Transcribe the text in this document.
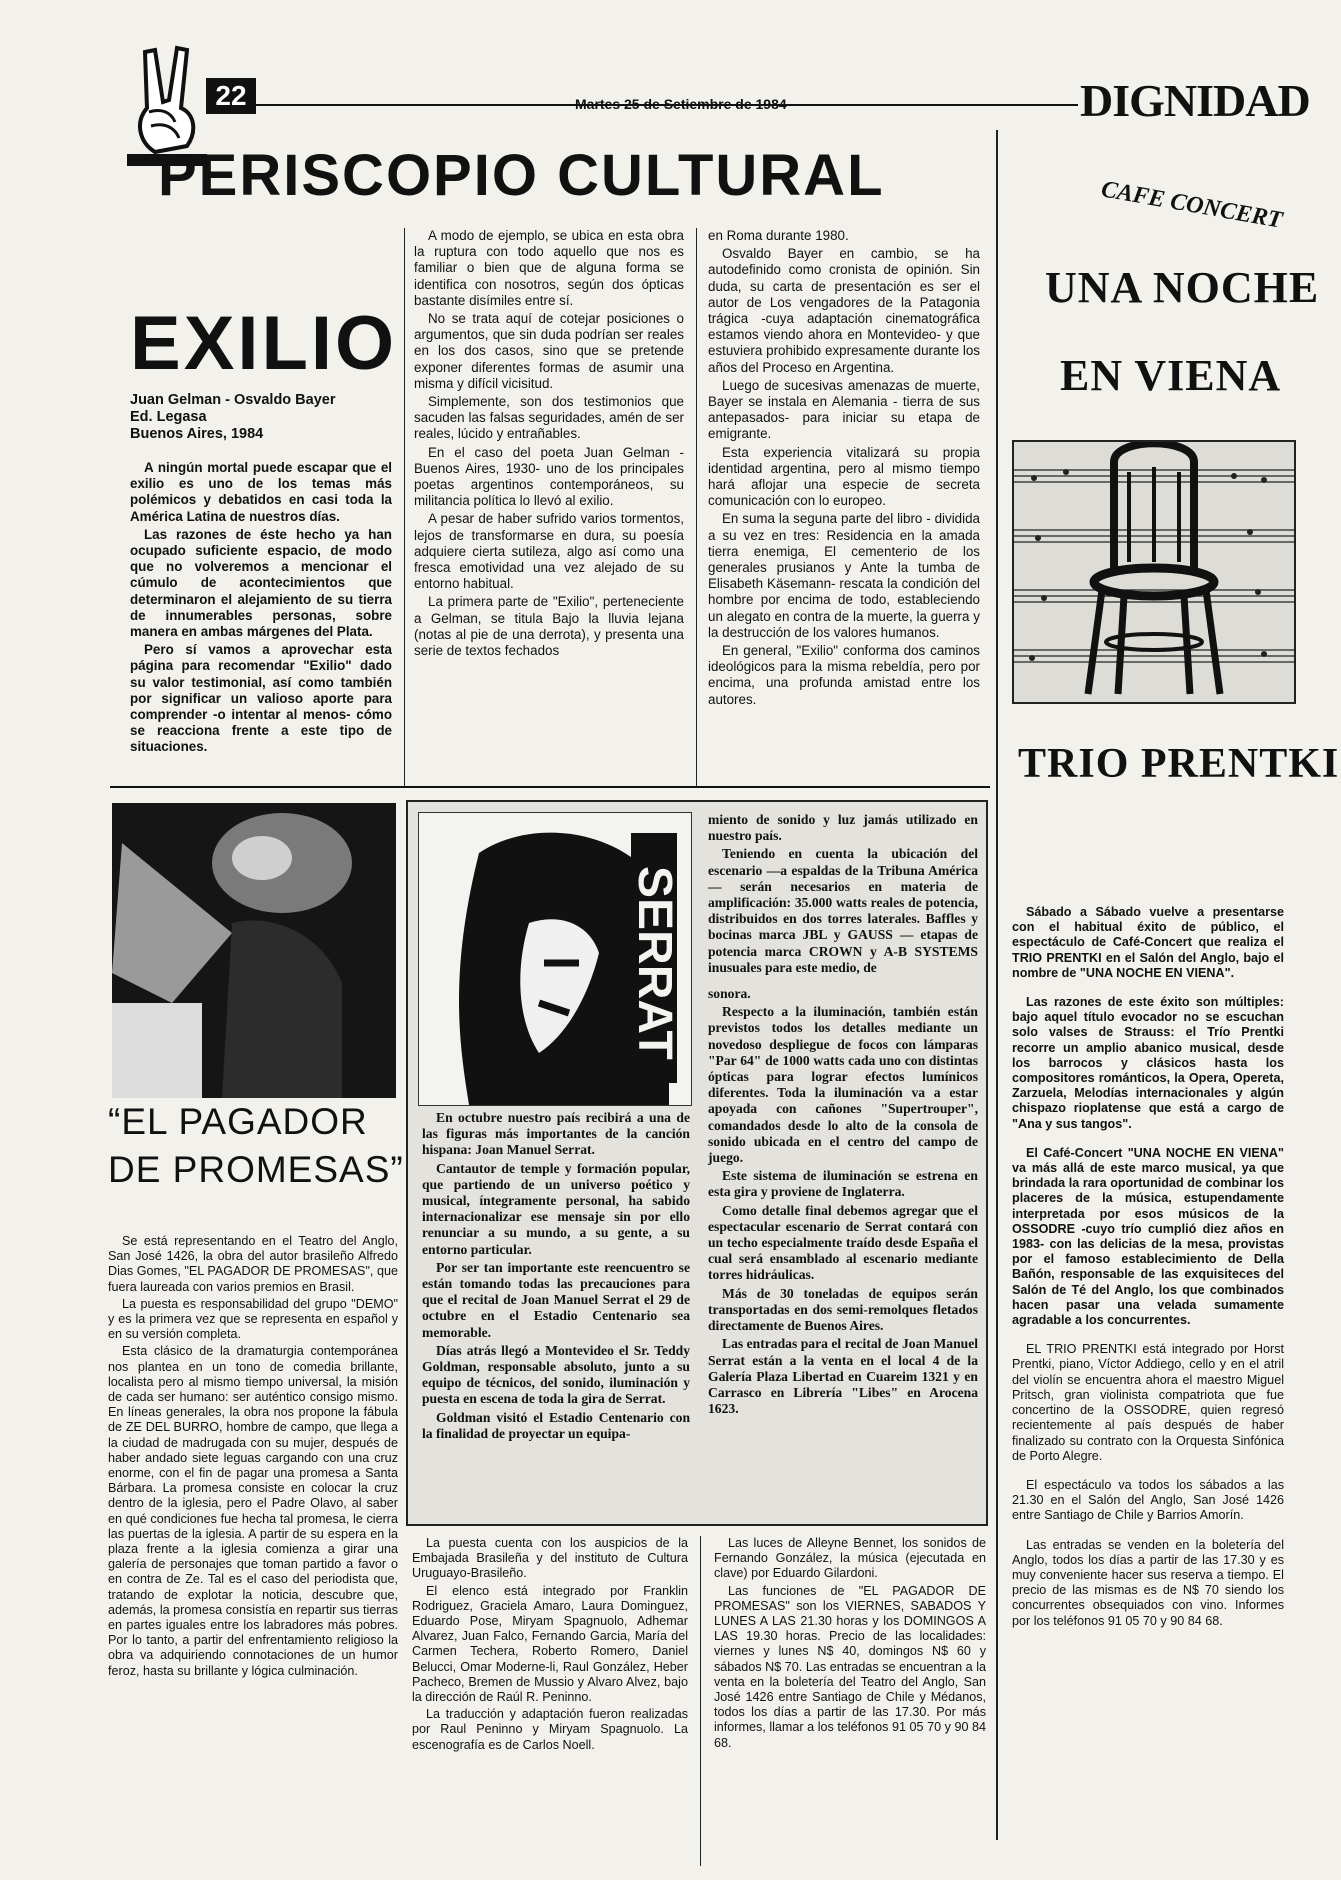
22	Martes 25 de Setiembre de 1984	DIGNIDAD
PERISCOPIO CULTURAL
EXILIO
Juan Gelman - Osvaldo Bayer
Ed. Legasa
Buenos Aires, 1984

A ningún mortal puede escapar que el exilio es uno de los temas más polémicos y debatidos en casi toda la América Latina de nuestros días.

Las razones de éste hecho ya han ocupado suficiente espacio, de modo que no volveremos a mencionar el cúmulo de acontecimientos que determinaron el alejamiento de su tierra de innumerables personas, sobre manera en ambas márgenes del Plata.

Pero sí vamos a aprovechar esta página para recomendar "Exilio" dado su valor testimonial, así como también por significar un valioso aporte para comprender -o intentar al menos- cómo se reacciona frente a este tipo de situaciones.

A modo de ejemplo, se ubica en esta obra la ruptura con todo aquello que nos es familiar o bien que de alguna forma se identifica con nosotros, según dos ópticas bastante disímiles entre sí.

No se trata aquí de cotejar posiciones o argumentos, que sin duda podrían ser reales en los dos casos, sino que se pretende exponer diferentes formas de asumir una misma y difícil vicisitud.

Simplemente, son dos testimonios que sacuden las falsas seguridades, amén de ser reales, lúcido y entrañables.

En el caso del poeta Juan Gelman - Buenos Aires, 1930- uno de los principales poetas argentinos contemporáneos, su militancia política lo llevó al exilio.

A pesar de haber sufrido varios tormentos, lejos de transformarse en dura, su poesía adquiere cierta sutileza, algo así como una fresca emotividad una vez alejado de su entorno habitual.

La primera parte de "Exilio", perteneciente a Gelman, se titula Bajo la lluvia lejana (notas al pie de una derrota), y presenta una serie de textos fechados

en Roma durante 1980.

Osvaldo Bayer en cambio, se ha autodefinido como cronista de opinión. Sin duda, su carta de presentación es ser el autor de Los vengadores de la Patagonia trágica -cuya adaptación cinematográfica estamos viendo ahora en Montevideo- y que estuviera prohibido expresamente durante los años del Proceso en Argentina.

Luego de sucesivas amenazas de muerte, Bayer se instala en Alemania - tierra de sus antepasados- para iniciar su etapa de emigrante.

Esta experiencia vitalizará su propia identidad argentina, pero al mismo tiempo hará aflojar una especie de secreta comunicación con lo europeo.

En suma la seguna parte del libro - dividida a su vez en tres: Residencia en la amada tierra enemiga, El cementerio de los generales prusianos y Ante la tumba de Elisabeth Käsemann- rescata la condición del hombre por encima de todo, estableciendo un alegato en contra de la muerte, la guerra y la destrucción de los valores humanos.

En general, "Exilio" conforma dos caminos ideológicos para la misma rebeldía, pero por encima, una profunda amistad entre los autores.

“EL PAGADOR
DE PROMESAS”

Se está representando en el Teatro del Anglo, San José 1426, la obra del autor brasileño Alfredo Dias Gomes, "EL PAGADOR DE PROMESAS", que fuera laureada con varios premios en Brasil.

La puesta es responsabilidad del grupo "DEMO" y es la primera vez que se representa en español y en su versión completa.

Esta clásico de la dramaturgia contemporánea nos plantea en un tono de comedia brillante, localista pero al mismo tiempo universal, la misión de cada ser humano: ser auténtico consigo mismo. En líneas generales, la obra nos propone la fábula de ZE DEL BURRO, hombre de campo, que llega a la ciudad de madrugada con su mujer, después de haber andado siete leguas cargando con una cruz enorme, con el fin de pagar una promesa a Santa Bárbara. La promesa consiste en colocar la cruz dentro de la iglesia, pero el Padre Olavo, al saber en qué condiciones fue hecha tal promesa, le cierra las puertas de la iglesia. A partir de su espera en la plaza frente a la iglesia comienza a girar una galería de personajes que toman partido a favor o en contra de Ze. Tal es el caso del periodista que, tratando de explotar la noticia, descubre que, además, la promesa consistía en repartir sus tierras en partes iguales entre los labradores más pobres. Por lo tanto, a partir del enfrentamiento religioso la obra va adquiriendo connotaciones de un humor feroz, hasta su brillante y lógica culminación.

La puesta cuenta con los auspicios de la Embajada Brasileña y del instituto de Cultura Uruguayo-Brasileño.

El elenco está integrado por Franklin Rodriguez, Graciela Amaro, Laura Dominguez, Eduardo Pose, Miryam Spagnuolo, Adhemar Alvarez, Juan Falco, Fernando Garcia, María del Carmen Techera, Roberto Romero, Daniel Belucci, Omar Moderne-li, Raul González, Heber Pacheco, Bremen de Mussio y Alvaro Alvez, bajo la dirección de Raúl R. Peninno.

La traducción y adaptación fueron realizadas por Raul Peninno y Miryam Spagnuolo. La escenografía es de Carlos Noell.

Las luces de Alleyne Bennet, los sonidos de Fernando González, la música (ejecutada en clave) por Eduardo Gilardoni.

Las funciones de "EL PAGADOR DE PROMESAS" son los VIERNES, SABADOS Y LUNES A LAS 21.30 horas y los DOMINGOS A LAS 19.30 horas. Precio de las localidades: viernes y lunes N$ 40, domingos N$ 60 y sábados N$ 70. Las entradas se encuentran a la venta en la boletería del Teatro del Anglo, San José 1426 entre Santiago de Chile y Médanos, todos los días a partir de las 17.30. Por más informes, llamar a los teléfonos 91 05 70 y 90 84 68.

SERRAT

En octubre nuestro país recibirá a una de las figuras más importantes de la canción hispana: Joan Manuel Serrat.

Cantautor de temple y formación popular, que partiendo de un universo poético y musical, íntegramente personal, ha sabido internacionalizar ese mensaje sin por ello renunciar a su mundo, a su gente, a su entorno particular.

Por ser tan importante este reencuentro se están tomando todas las precauciones para que el recital de Joan Manuel Serrat el 29 de octubre en el Estadio Centenario sea memorable.

Días atrás llegó a Montevideo el Sr. Teddy Goldman, responsable absoluto, junto a su equipo de técnicos, del sonido, iluminación y puesta en escena de toda la gira de Serrat.

Goldman visitó el Estadio Centenario con la finalidad de proyectar un equipa-

miento de sonido y luz jamás utilizado en nuestro país.

Teniendo en cuenta la ubicación del escenario —a espaldas de la Tribuna América— serán necesarios en materia de amplificación: 35.000 watts reales de potencia, distribuidos en dos torres laterales. Baffles y bocinas marca JBL y GAUSS — etapas de potencia marca CROWN y A-B SYSTEMS inusuales para este medio, de

sonora.

Respecto a la iluminación, también están previstos todos los detalles mediante un novedoso despliegue de focos con lámparas "Par 64" de 1000 watts cada uno con distintas ópticas para lograr efectos lumínicos diferentes. Toda la iluminación va a estar apoyada con cañones "Supertrouper", comandados desde lo alto de la consola de sonido ubicada en el centro del campo de juego.

Este sistema de iluminación se estrena en esta gira y proviene de Inglaterra.

Como detalle final debemos agregar que el espectacular escenario de Serrat contará con un techo especialmente traído desde España el cual será ensamblado al escenario mediante torres hidráulicas.

Más de 30 toneladas de equipos serán transportadas en dos semi-remolques fletados directamente de Buenos Aires.

Las entradas para el recital de Joan Manuel Serrat están a la venta en el local 4 de la Galería Plaza Libertad en Cuareim 1321 y en Carrasco en Librería "Libes" en Arocena 1623.

CAFE CONCERT
UNA NOCHE
EN VIENA
TRIO PRENTKI

Sábado a Sábado vuelve a presentarse con el habitual éxito de público, el espectáculo de Café-Concert que realiza el TRIO PRENTKI en el Salón del Anglo, bajo el nombre de "UNA NOCHE EN VIENA".

Las razones de este éxito son múltiples: bajo aquel título evocador no se escuchan solo valses de Strauss: el Trío Prentki recorre un amplio abanico musical, desde los barrocos y clásicos hasta los compositores románticos, la Opera, Opereta, Zarzuela, Melodías internacionales y algún chispazo rioplatense que está a cargo de "Ana y sus tangos".

El Café-Concert "UNA NOCHE EN VIENA" va más allá de este marco musical, ya que brindada la rara oportunidad de combinar los placeres de la música, estupendamente interpretada por esos músicos de la OSSODRE -cuyo trío cumplió diez años en 1983- con las delicias de la mesa, provistas por el famoso establecimiento de Della Bañón, responsable de las exquisiteces del Salón de Té del Anglo, los que combinados hacen pasar una velada sumamente agradable a los concurrentes.

EL TRIO PRENTKI está integrado por Horst Prentki, piano, Víctor Addiego, cello y en el atril del violín se encuentra ahora el maestro Miguel Pritsch, gran violinista compatriota que fue concertino de la OSSODRE, quien regresó recientemente al país después de haber finalizado su contrato con la Orquesta Sinfónica de Porto Alegre.

El espectáculo va todos los sábados a las 21.30 en el Salón del Anglo, San José 1426 entre Santiago de Chile y Barrios Amorín.

Las entradas se venden en la boletería del Anglo, todos los días a partir de las 17.30 y es muy conveniente hacer sus reserva a tiempo. El precio de las mismas es de N$ 70 siendo los concurrentes obsequiados con vino. Informes por los teléfonos 91 05 70 y 90 84 68.
